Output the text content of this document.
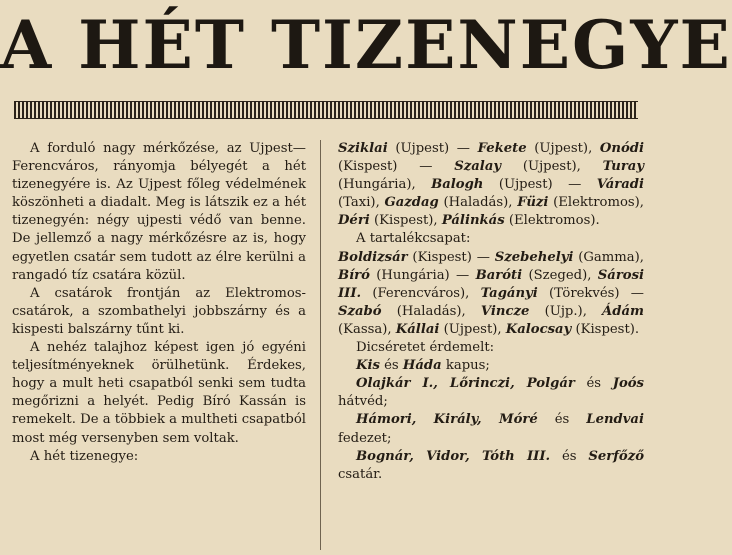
A HÉT TIZENEGYE

A forduló nagy mérkőzése, az Ujpest—Ferencváros, rányomja bélyegét a hét tizenegyére is. Az Ujpest főleg védelmének köszönheti a diadalt. Meg is látszik ez a hét tizenegyén: négy ujpesti védő van benne. De jellemző a nagy mérkőzésre az is, hogy egyetlen csatár sem tudott az élre kerülni a rangadó tíz csatára közül.

A csatárok frontján az Elektromos-csatárok, a szombathelyi jobbszárny és a kispesti balszárny tűnt ki.

A nehéz talajhoz képest igen jó egyéni teljesítményeknek örülhetünk. Érdekes, hogy a mult heti csapatból senki sem tudta megőrizni a helyét. Pedig Bíró Kassán is remekelt. De a többiek a multheti csapatból most még versenyben sem voltak.

A hét tizenegye:

Sziklai (Ujpest) — Fekete (Ujpest), Onódi (Kispest) — Szalay (Ujpest), Turay (Hungária), Balogh (Ujpest) — Váradi (Taxi), Gazdag (Haladás), Füzi (Elektromos), Déri (Kispest), Pálinkás (Elektromos).

A tartalékcsapat:

Boldizsár (Kispest) — Szebehelyi (Gamma), Bíró (Hungária) — Baróti (Szeged), Sárosi III. (Ferencváros), Tagányi (Törekvés) — Szabó (Haladás), Vincze (Ujp.), Ádám (Kassa), Kállai (Ujpest), Kalocsay (Kispest).

Dicséretet érdemelt:

Kis és Háda kapus;

Olajkár I., Lőrinczi, Polgár és Joós hátvéd;

Hámori, Király, Móré és Lendvai fedezet;

Bognár, Vidor, Tóth III. és Serfőző csatár.
